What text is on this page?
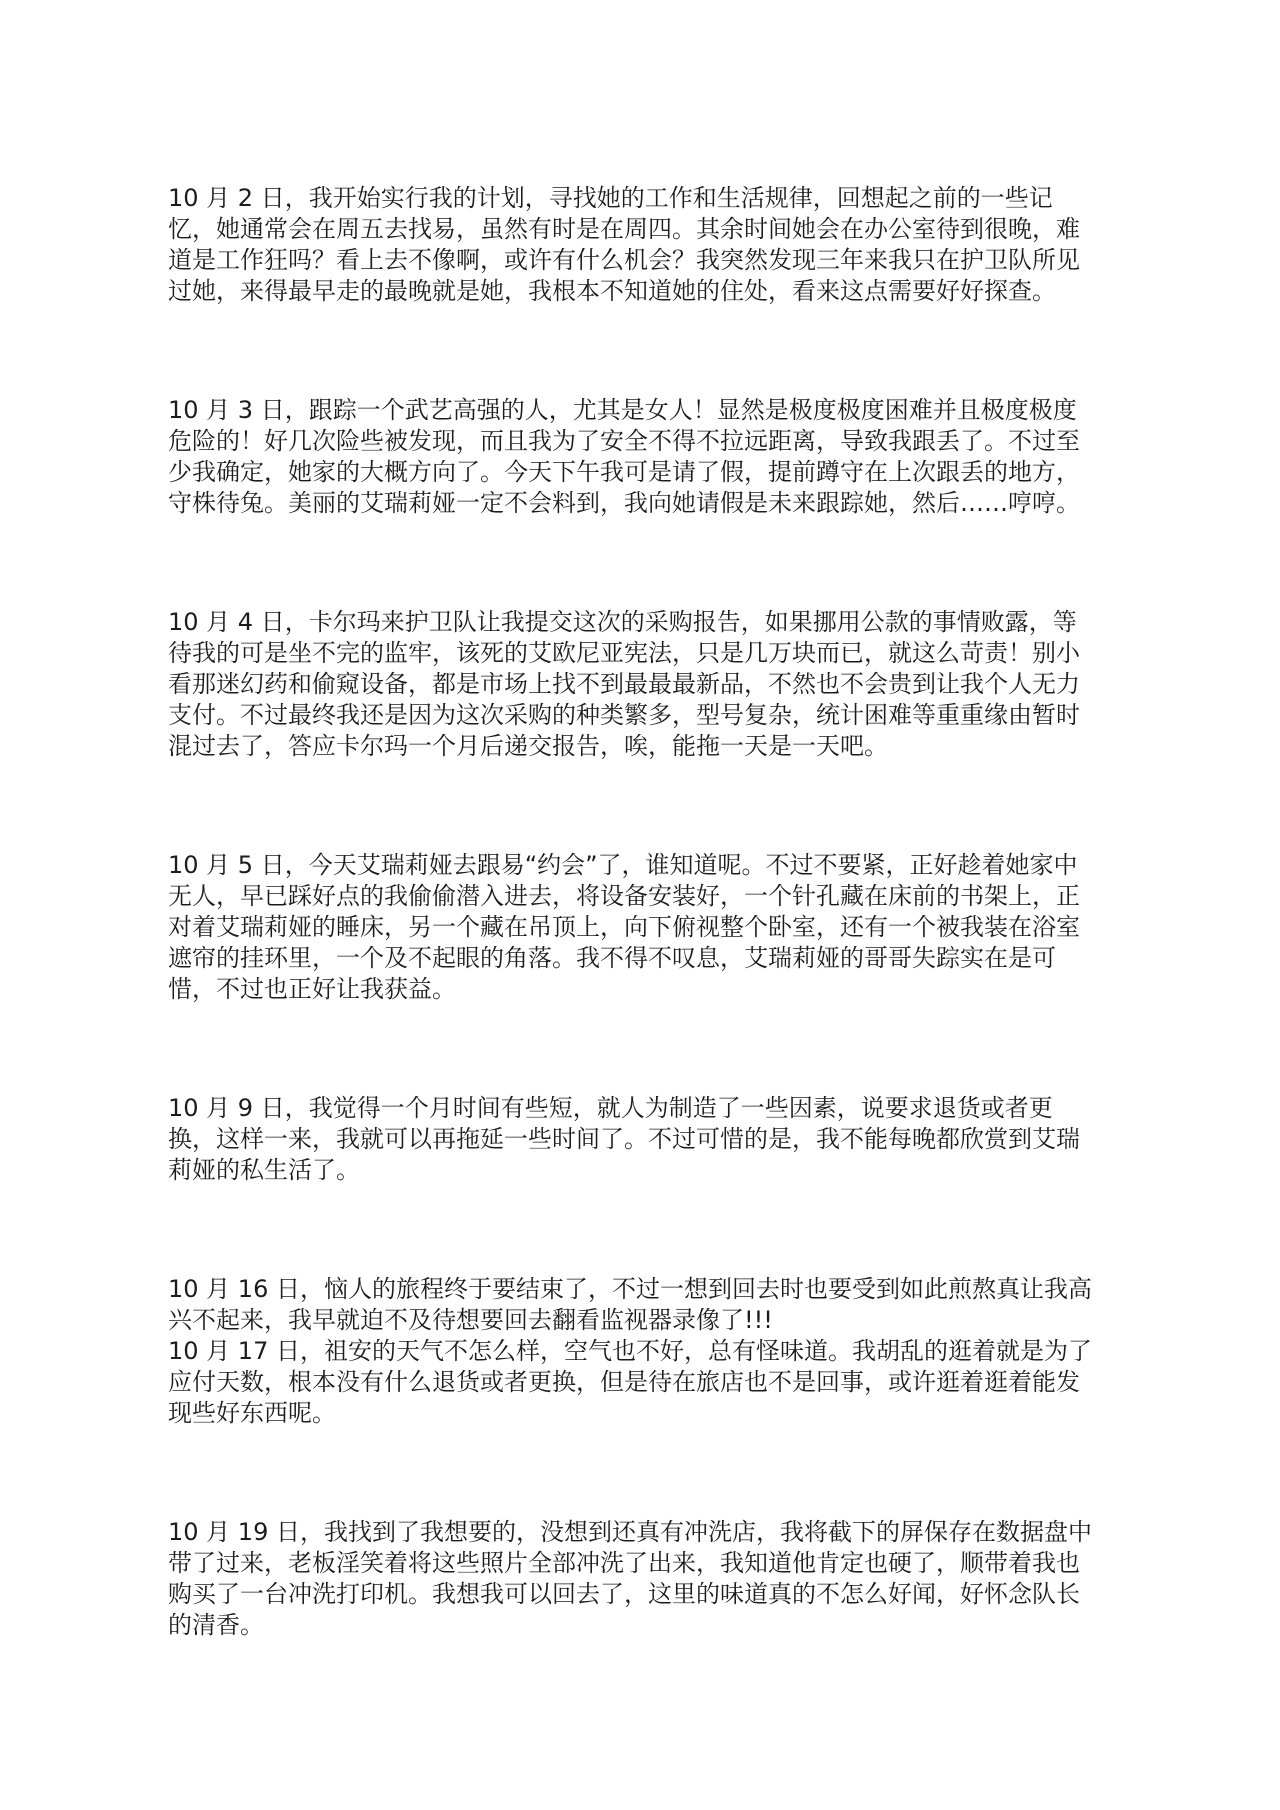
10 月 2 日，我开始实行我的计划，寻找她的工作和生活规律，回想起之前的一些记忆，她通常会在周五去找易，虽然有时是在周四。其余时间她会在办公室待到很晚，难道是工作狂吗？看上去不像啊，或许有什么机会？我突然发现三年来我只在护卫队所见过她，来得最早走的最晚就是她，我根本不知道她的住处，看来这点需要好好探查。

10 月 3 日，跟踪一个武艺高强的人，尤其是女人！显然是极度极度困难并且极度极度危险的！好几次险些被发现，而且我为了安全不得不拉远距离，导致我跟丢了。不过至少我确定，她家的大概方向了。今天下午我可是请了假，提前蹲守在上次跟丢的地方，守株待兔。美丽的艾瑞莉娅一定不会料到，我向她请假是未来跟踪她，然后……哼哼。

10 月 4 日，卡尔玛来护卫队让我提交这次的采购报告，如果挪用公款的事情败露，等待我的可是坐不完的监牢，该死的艾欧尼亚宪法，只是几万块而已，就这么苛责！别小看那迷幻药和偷窥设备，都是市场上找不到最最最新品，不然也不会贵到让我个人无力支付。不过最终我还是因为这次采购的种类繁多，型号复杂，统计困难等重重缘由暂时混过去了，答应卡尔玛一个月后递交报告，唉，能拖一天是一天吧。

10 月 5 日，今天艾瑞莉娅去跟易“约会”了，谁知道呢。不过不要紧，正好趁着她家中无人，早已踩好点的我偷偷潜入进去，将设备安装好，一个针孔藏在床前的书架上，正对着艾瑞莉娅的睡床，另一个藏在吊顶上，向下俯视整个卧室，还有一个被我装在浴室遮帘的挂环里，一个及不起眼的角落。我不得不叹息，艾瑞莉娅的哥哥失踪实在是可惜，不过也正好让我获益。

10 月 9 日，我觉得一个月时间有些短，就人为制造了一些因素，说要求退货或者更换，这样一来，我就可以再拖延一些时间了。不过可惜的是，我不能每晚都欣赏到艾瑞莉娅的私生活了。

10 月 16 日，恼人的旅程终于要结束了，不过一想到回去时也要受到如此煎熬真让我高兴不起来，我早就迫不及待想要回去翻看监视器录像了!!!

10 月 17 日，祖安的天气不怎么样，空气也不好，总有怪味道。我胡乱的逛着就是为了应付天数，根本没有什么退货或者更换，但是待在旅店也不是回事，或许逛着逛着能发现些好东西呢。

10 月 19 日，我找到了我想要的，没想到还真有冲洗店，我将截下的屏保存在数据盘中带了过来，老板淫笑着将这些照片全部冲洗了出来，我知道他肯定也硬了，顺带着我也购买了一台冲洗打印机。我想我可以回去了，这里的味道真的不怎么好闻，好怀念队长的清香。
